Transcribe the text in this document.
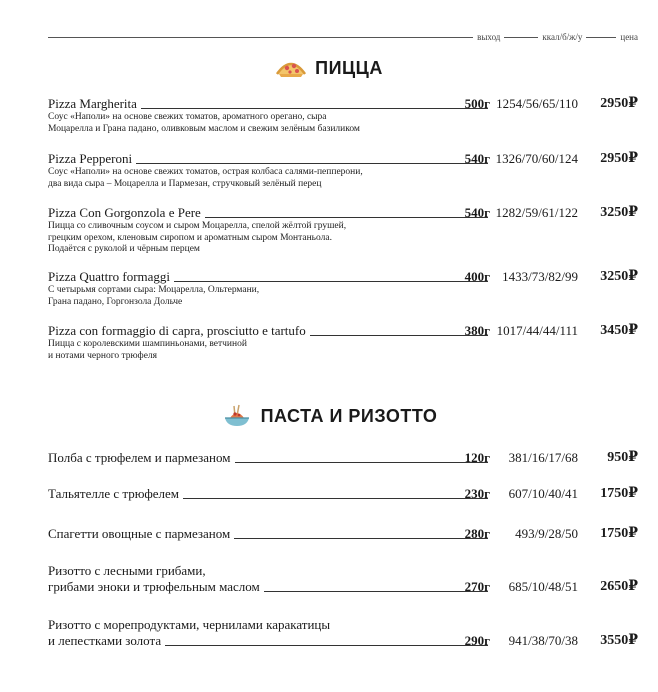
выход	ккал/б/ж/у	цена
ПИЦЦА
Pizza Margherita	500г 1254/56/65/110	2950₽
Соус «Наполи» на основе свежих томатов, ароматного орегано, сыра
Моцарелла и Грана падано, оливковым маслом и свежим зелёным базиликом
Pizza Pepperoni	540г 1326/70/60/124	2950₽
Соус «Наполи» на основе свежих томатов, острая колбаса салями-пепперони,
два вида сыра – Моцарелла и Пармезан, стручковый зелёный перец
Pizza Con Gorgonzola e Pere	540г 1282/59/61/122	3250₽
Пицца со сливочным соусом и сыром Моцарелла, спелой жёлтой грушей,
грецким орехом, кленовым сиропом и ароматным сыром Монтаньола.
Подаётся с руколой и чёрным перцем
Pizza Quattro formaggi	400г 1433/73/82/99	3250₽
С четырьмя сортами сыра: Моцарелла, Ольтермани,
Грана падано, Горгонзола Дольче
Pizza con formaggio di capra, prosciutto e tartufo	380г 1017/44/44/111	3450₽
Пицца с королевскими шампиньонами, ветчиной
и нотами черного трюфеля
ПАСТА И РИЗОТТО
Полба с трюфелем и пармезаном	120г	381/16/17/68	950₽
Тальятелле с трюфелем	230г	607/10/40/41	1750₽
Спагетти овощные с пармезаном	280г	493/9/28/50	1750₽
Ризотто с лесными грибами,
грибами эноки и трюфельным маслом	270г	685/10/48/51	2650₽
Ризотто с морепродуктами, чернилами каракатицы
и лепестками золота	290г	941/38/70/38	3550₽
